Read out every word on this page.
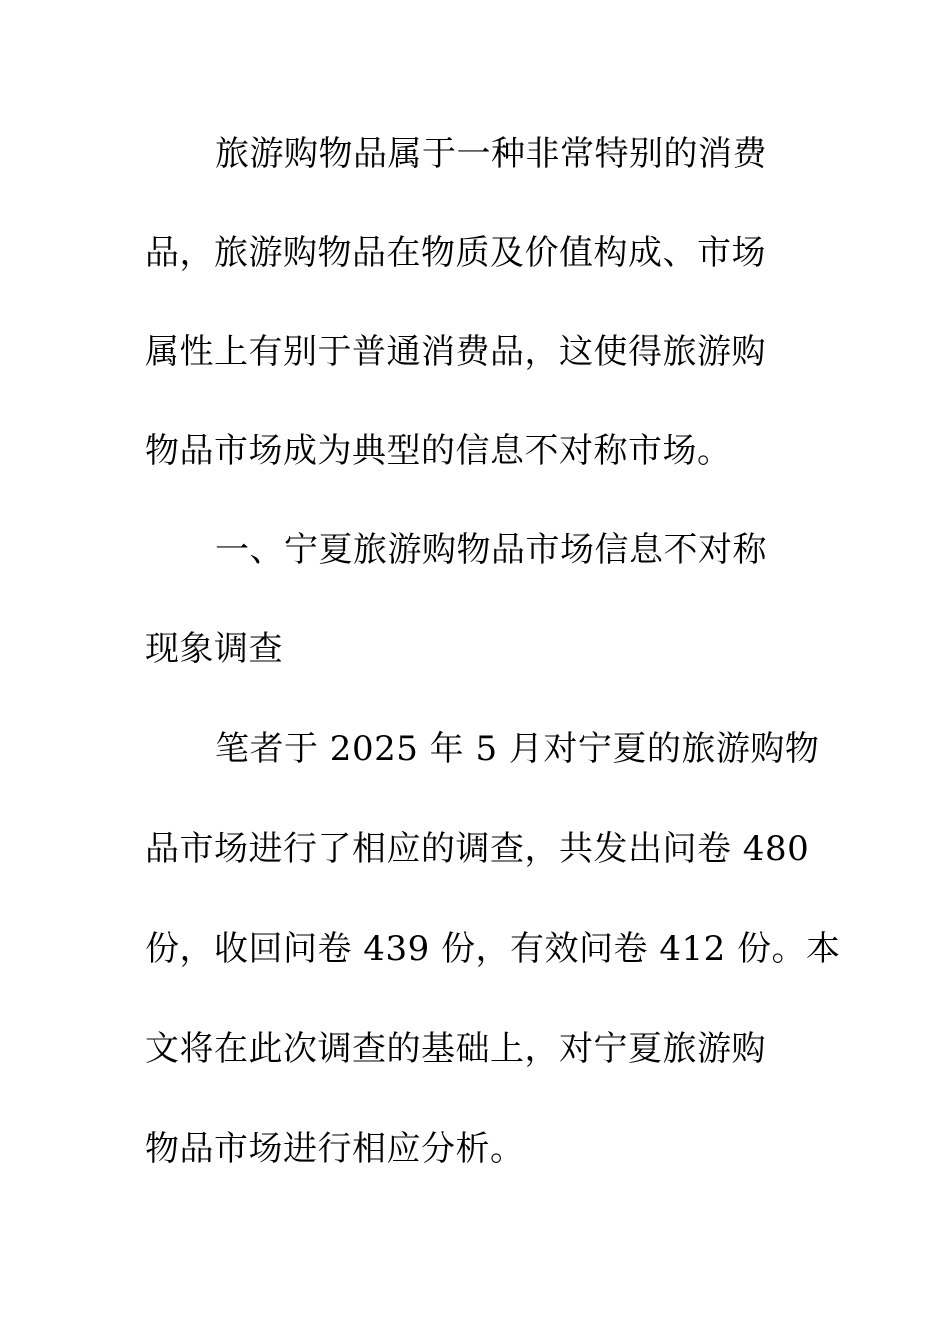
旅游购物品属于一种非常特别的消费
品，旅游购物品在物质及价值构成、市场
属性上有别于普通消费品，这使得旅游购
物品市场成为典型的信息不对称市场。
一、宁夏旅游购物品市场信息不对称
现象调查
笔者于 2025 年 5 月对宁夏的旅游购物
品市场进行了相应的调查，共发出问卷 480
份，收回问卷 439 份，有效问卷 412 份。本
文将在此次调查的基础上，对宁夏旅游购
物品市场进行相应分析。
